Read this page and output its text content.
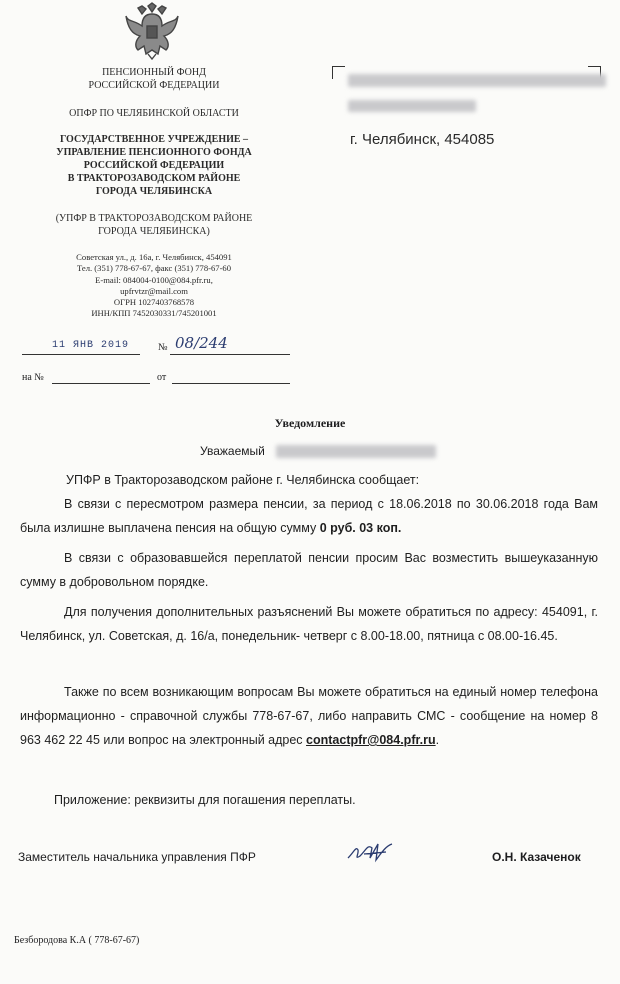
ПЕНСИОННЫЙ ФОНД
РОССИЙСКОЙ ФЕДЕРАЦИИ
ОПФР ПО ЧЕЛЯБИНСКОЙ ОБЛАСТИ
ГОСУДАРСТВЕННОЕ УЧРЕЖДЕНИЕ –
УПРАВЛЕНИЕ ПЕНСИОННОГО ФОНДА
РОССИЙСКОЙ ФЕДЕРАЦИИ
В ТРАКТОРОЗАВОДСКОМ РАЙОНЕ
ГОРОДА ЧЕЛЯБИНСКА
(УПФР В ТРАКТОРОЗАВОДСКОМ РАЙОНЕ
ГОРОДА ЧЕЛЯБИНСКА)
Советская ул., д. 16а, г. Челябинск, 454091
Тел. (351) 778-67-67, факс (351) 778-67-60
E-mail: 084004-0100@084.pfr.ru,
upfrvtzr@mail.com
ОГРН 1027403768578
ИНН/КПП 7452030331/745201001
11 ЯНВ 2019	№ 08/244
на №	от
г. Челябинск, 454085
Уведомление
Уважаемый
УПФР в Тракторозаводском районе г. Челябинска сообщает:
В связи с пересмотром размера пенсии, за период с 18.06.2018 по 30.06.2018 года Вам была излишне выплачена пенсия на общую сумму 0 руб. 03 коп.
В связи с образовавшейся переплатой пенсии просим Вас возместить вышеуказанную сумму в добровольном порядке.
Для получения дополнительных разъяснений Вы можете обратиться по адресу: 454091, г. Челябинск, ул. Советская, д. 16/а, понедельник- четверг с 8.00-18.00, пятница с 08.00-16.45.
Также по всем возникающим вопросам Вы можете обратиться на единый номер телефона информационно - справочной службы 778-67-67, либо направить СМС - сообщение на номер 8 963 462 22 45 или вопрос на электронный адрес contactpfr@084.pfr.ru.
Приложение: реквизиты для погашения переплаты.
Заместитель начальника управления ПФР	О.Н. Казаченок
Безбородова К.А ( 778-67-67)
